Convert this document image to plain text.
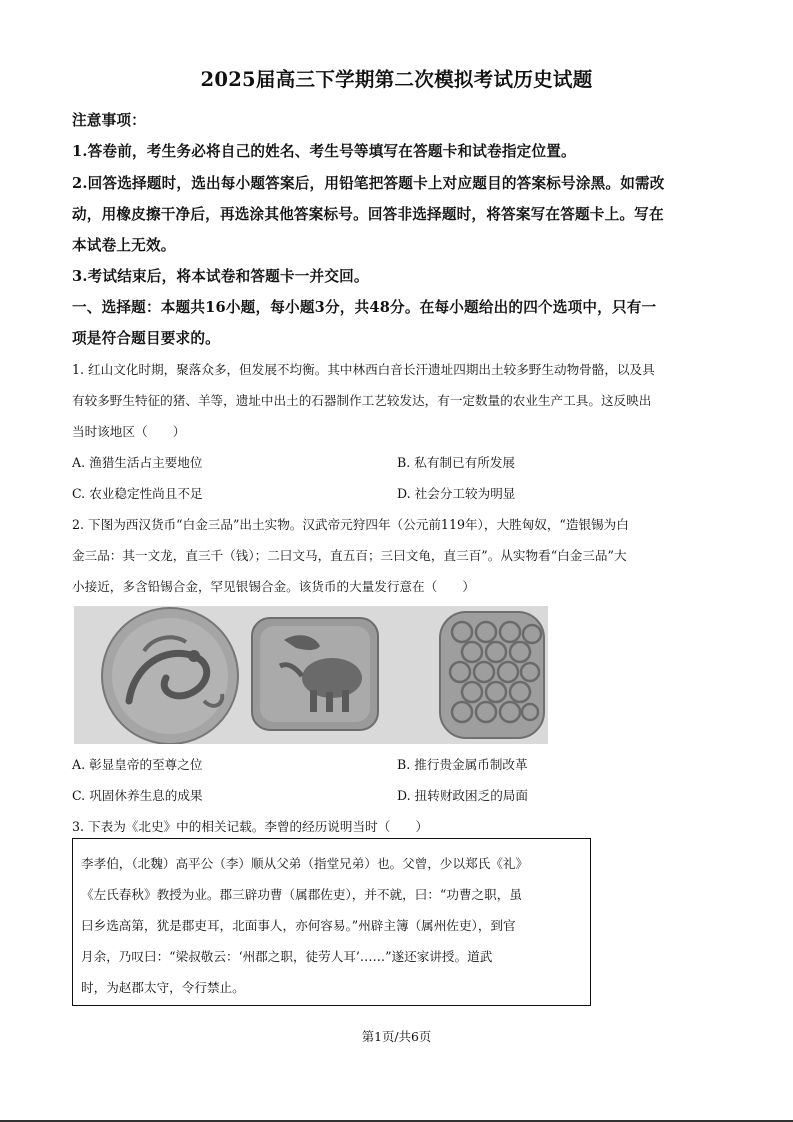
2025届高三下学期第二次模拟考试历史试题
注意事项：
1.答卷前，考生务必将自己的姓名、考生号等填写在答题卡和试卷指定位置。
2.回答选择题时，选出每小题答案后，用铅笔把答题卡上对应题目的答案标号涂黑。如需改
动，用橡皮擦干净后，再选涂其他答案标号。回答非选择题时，将答案写在答题卡上。写在
本试卷上无效。
3.考试结束后，将本试卷和答题卡一并交回。
一、选择题：本题共16小题，每小题3分，共48分。在每小题给出的四个选项中，只有一
项是符合题目要求的。
1. 红山文化时期，聚落众多，但发展不均衡。其中林西白音长汗遗址四期出土较多野生动物骨骼，以及具
有较多野生特征的猪、羊等，遗址中出土的石器制作工艺较发达，有一定数量的农业生产工具。这反映出
当时该地区（　　）
A. 渔猎生活占主要地位	B. 私有制已有所发展
C. 农业稳定性尚且不足	D. 社会分工较为明显
2. 下图为西汉货币“白金三品”出土实物。汉武帝元狩四年（公元前119年），大胜匈奴，“造银锡为白
金三品：其一文龙，直三千（钱）；二曰文马，直五百；三曰文龟，直三百”。从实物看“白金三品”大
小接近，多含铅锡合金，罕见银锡合金。该货币的大量发行意在（　　）
A. 彰显皇帝的至尊之位	B. 推行贵金属币制改革
C. 巩固休养生息的成果	D. 扭转财政困乏的局面
3. 下表为《北史》中的相关记载。李曾的经历说明当时（　　）
李孝伯，（北魏）高平公（李）顺从父弟（指堂兄弟）也。父曾，少以郑氏《礼》
《左氏春秋》教授为业。郡三辟功曹（属郡佐吏），并不就，曰：“功曹之职，虽
曰乡选高第，犹是郡吏耳，北面事人，亦何容易。”州辟主簿（属州佐吏），到官
月余，乃叹曰：“梁叔敬云：‘州郡之职，徒劳人耳’……”遂还家讲授。道武
时，为赵郡太守，令行禁止。
第1页/共6页
